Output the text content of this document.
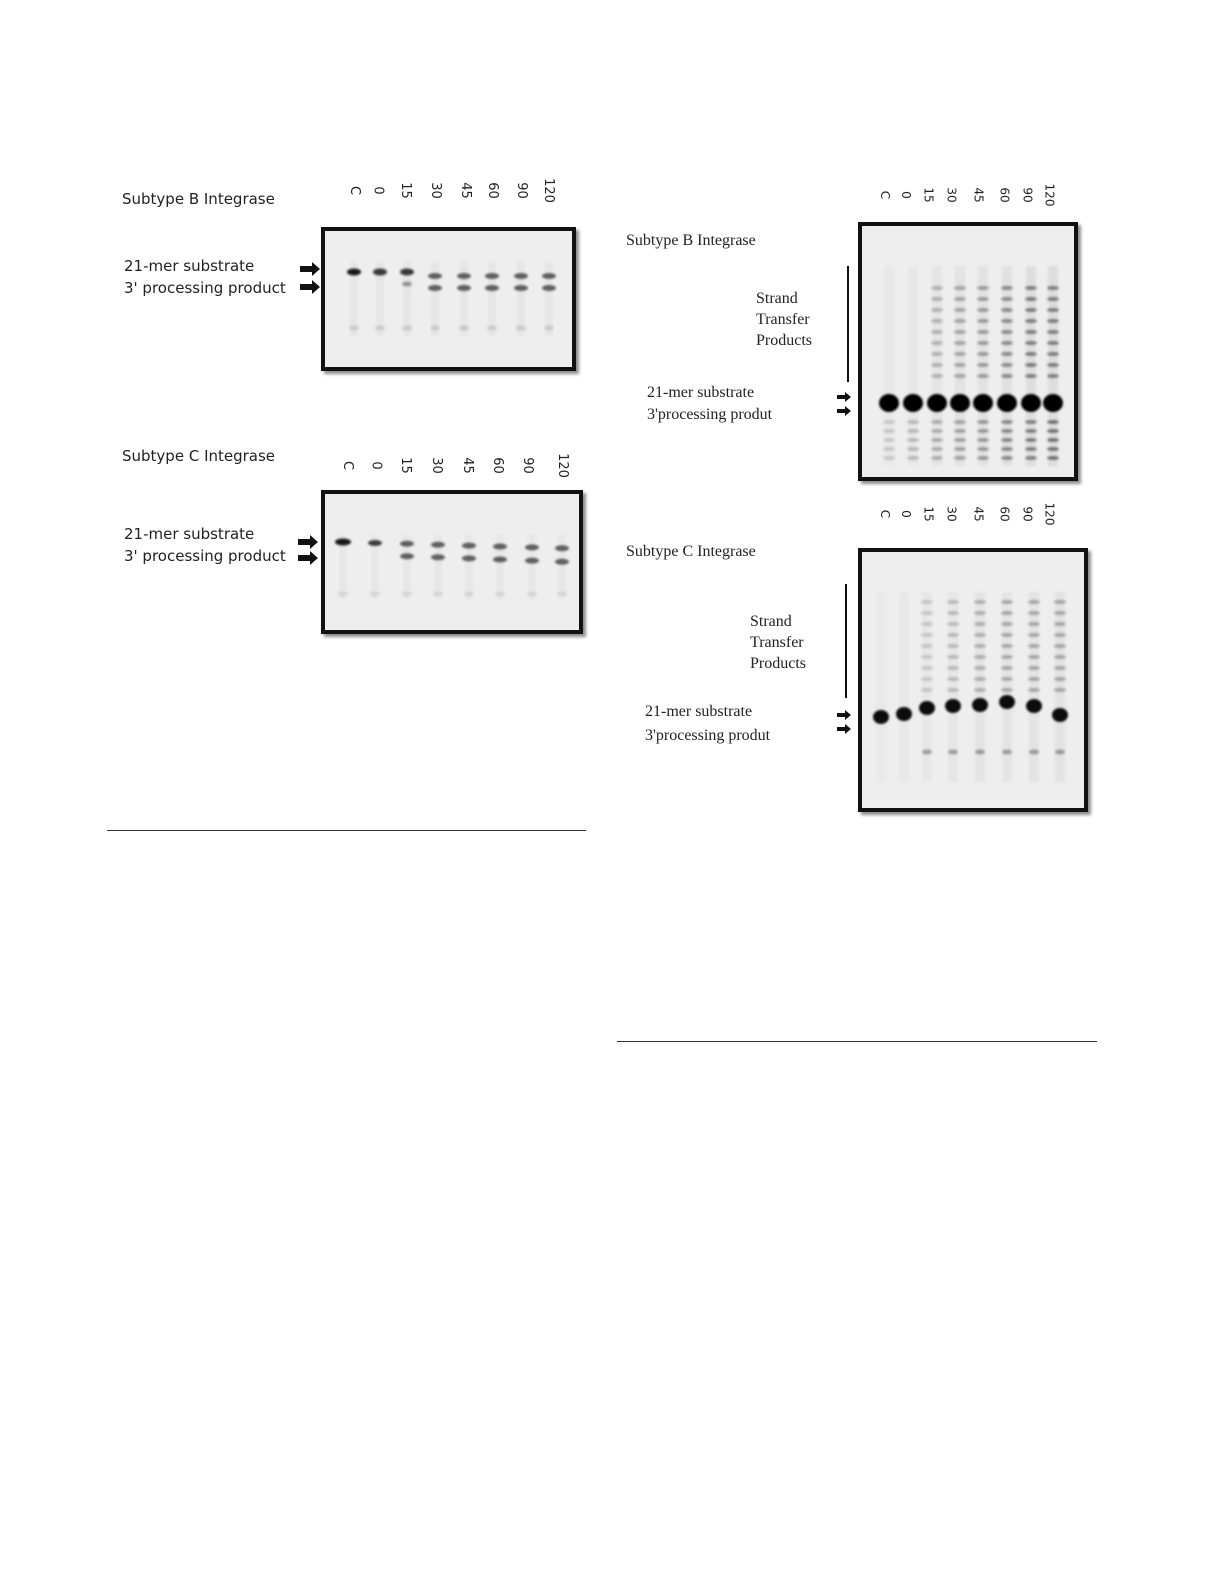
Subtype B Integrase
21-mer substrate
3' processing product
C 0 15 30 45 60 90 120
Subtype C Integrase
21-mer substrate
3' processing product
C 0 15 30 45 60 90 120
Subtype B Integrase
Strand
Transfer
Products
21-mer substrate
3'processing produt
C 0 15 30 45 60 90 120
Subtype C Integrase
Strand
Transfer
Products
21-mer substrate
3'processing produt
C 0 15 30 45 60 90 120
